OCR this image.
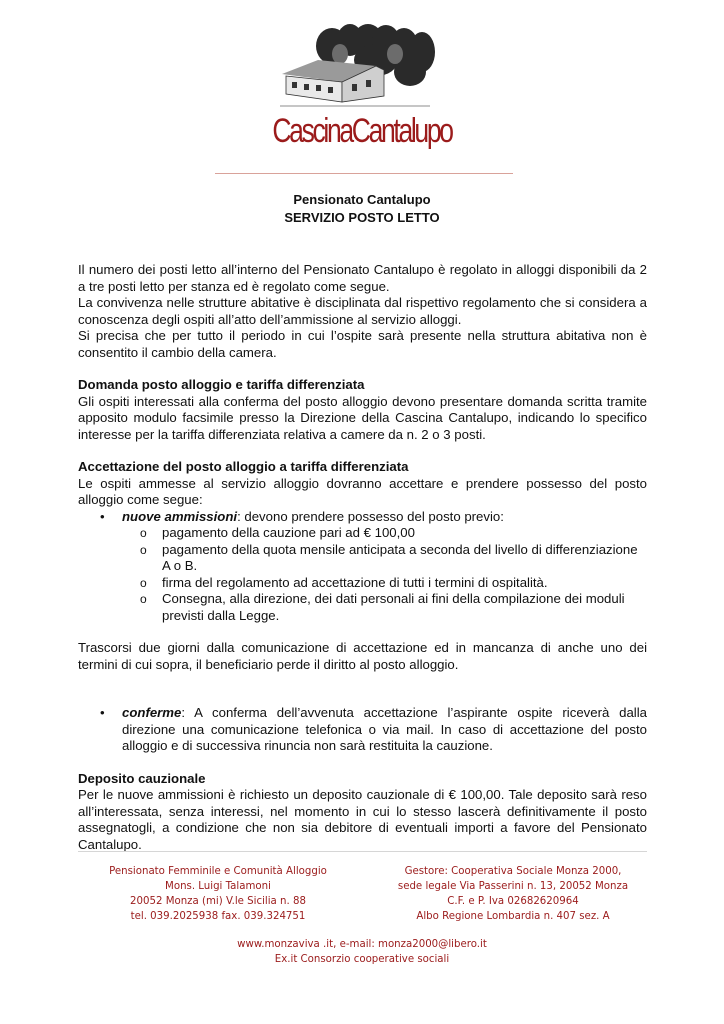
CascinaCantalupo
Pensionato Cantalupo
SERVIZIO POSTO LETTO

Il numero dei posti letto all’interno del Pensionato Cantalupo è regolato in alloggi disponibili da 2 a tre posti letto per stanza ed è regolato come segue.

La convivenza nelle strutture abitative è disciplinata dal rispettivo regolamento che si considera a conoscenza degli ospiti all’atto dell’ammissione al servizio alloggi.

Si precisa che per tutto il periodo in cui l’ospite sarà presente nella struttura abitativa non è consentito il cambio della camera.

Domanda posto alloggio e tariffa differenziata

Gli ospiti interessati alla conferma del posto alloggio devono presentare domanda scritta tramite apposito modulo facsimile presso la Direzione della Cascina Cantalupo, indicando lo specifico interesse per la tariffa differenziata relativa a camere da n. 2 o 3 posti.

Accettazione del posto alloggio a tariffa differenziata

Le ospiti ammesse al servizio alloggio dovranno accettare e prendere possesso del posto alloggio come segue:

•	nuove ammissioni: devono prendere possesso del posto previo:
o	pagamento della cauzione pari ad € 100,00
o	pagamento della quota mensile anticipata a seconda del livello di differenziazione A o B.
o	firma del regolamento ad accettazione di tutti i termini di ospitalità.
o	Consegna, alla direzione, dei dati personali ai fini della compilazione dei moduli previsti dalla Legge.

Trascorsi due giorni dalla comunicazione di accettazione ed in mancanza di anche uno dei termini di cui sopra, il beneficiario perde il diritto al posto alloggio.

•	conferme: A conferma dell’avvenuta accettazione l’aspirante ospite riceverà dalla direzione una comunicazione telefonica o via mail. In caso di accettazione del posto alloggio e di successiva rinuncia non sarà restituita la cauzione.

Deposito cauzionale

Per le nuove ammissioni è richiesto un deposito cauzionale di € 100,00. Tale deposito sarà reso all’interessata, senza interessi, nel momento in cui lo stesso lascerà definitivamente il posto assegnatogli, a condizione che non sia debitore di eventuali importi a favore del Pensionato Cantalupo.

Pensionato Femminile e Comunità Alloggio
Mons. Luigi Talamoni
20052 Monza (mi) V.le Sicilia n. 88
tel. 039.2025938 fax. 039.324751
Gestore: Cooperativa Sociale Monza 2000,
sede legale Via Passerini n. 13, 20052 Monza
C.F. e P. Iva 02682620964
Albo Regione Lombardia n. 407 sez. A
www.monzaviva .it, e-mail: monza2000@libero.it
Ex.it Consorzio cooperative sociali
